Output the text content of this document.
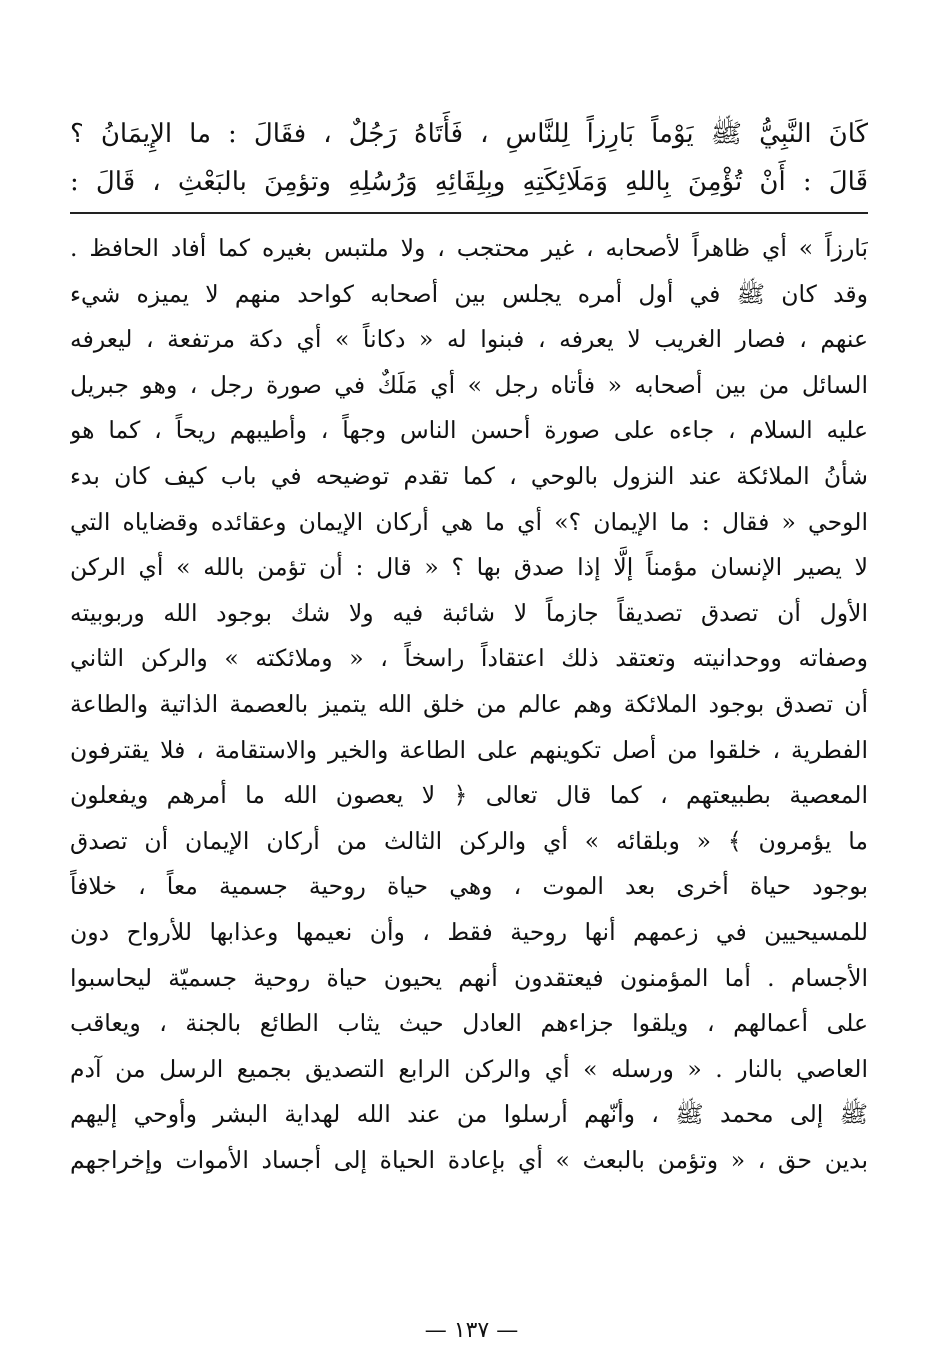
كَانَ النَّبِيُّ ﷺ يَوْماً بَارِزاً لِلنَّاسِ ، فَأَتَاهُ رَجُلٌ ، فقَالَ : ما الإِيمَانُ ؟
قَالَ : أَنْ تُؤْمِنَ بِاللهِ وَمَلَائِكَتِهِ وبِلِقَائِهِ وَرُسُلِهِ وتؤمِنَ بالبَعْثِ ، قَالَ :
بَارزاً » أي ظاهراً لأصحابه ، غير محتجب ، ولا ملتبس بغيره كما أفاد الحافظ .
وقد كان ﷺ في أول أمره يجلس بين أصحابه كواحد منهم لا يميزه شيء
عنهم ، فصار الغريب لا يعرفه ، فبنوا له « دكاناً » أي دكة مرتفعة ، ليعرفه
السائل من بين أصحابه « فأتاه رجل » أي مَلَكٌ في صورة رجل ، وهو جبريل
عليه السلام ، جاءه على صورة أحسن الناس وجهاً ، وأطيبهم ريحاً ، كما هو
شأنُ الملائكة عند النزول بالوحي ، كما تقدم توضيحه في باب كيف كان بدء
الوحي « فقال : ما الإيمان ؟» أي ما هي أركان الإيمان وعقائده وقضاياه التي
لا يصير الإنسان مؤمناً إلَّا إذا صدق بها ؟ « قال : أن تؤمن بالله » أي الركن
الأول أن تصدق تصديقاً جازماً لا شائبة فيه ولا شك بوجود الله وربوبيته
وصفاته ووحدانيته وتعتقد ذلك اعتقاداً راسخاً ، « وملائكته » والركن الثاني
أن تصدق بوجود الملائكة وهم عالم من خلق الله يتميز بالعصمة الذاتية والطاعة
الفطرية ، خلقوا من أصل تكوينهم على الطاعة والخير والاستقامة ، فلا يقترفون
المعصية بطبيعتهم ، كما قال تعالى ﴿ لا يعصون الله ما أمرهم ويفعلون
ما يؤمرون ﴾ « وبلقائه » أي والركن الثالث من أركان الإيمان أن تصدق
بوجود حياة أخرى بعد الموت ، وهي حياة روحية جسمية معاً ، خلافاً
للمسيحيين في زعمهم أنها روحية فقط ، وأن نعيمها وعذابها للأرواح دون
الأجسام . أما المؤمنون فيعتقدون أنهم يحيون حياة روحية جسميّة ليحاسبوا
على أعمالهم ، ويلقوا جزاءهم العادل حيث يثاب الطائع بالجنة ، ويعاقب
العاصي بالنار . « ورسله » أي والركن الرابع التصديق بجميع الرسل من آدم
ﷺ إلى محمد ﷺ ، وأنّهم أرسلوا من عند الله لهداية البشر وأوحي إليهم
بدين حق ، « وتؤمن بالبعث » أي بإعادة الحياة إلى أجساد الأموات وإخراجهم
— ١٣٧ —
